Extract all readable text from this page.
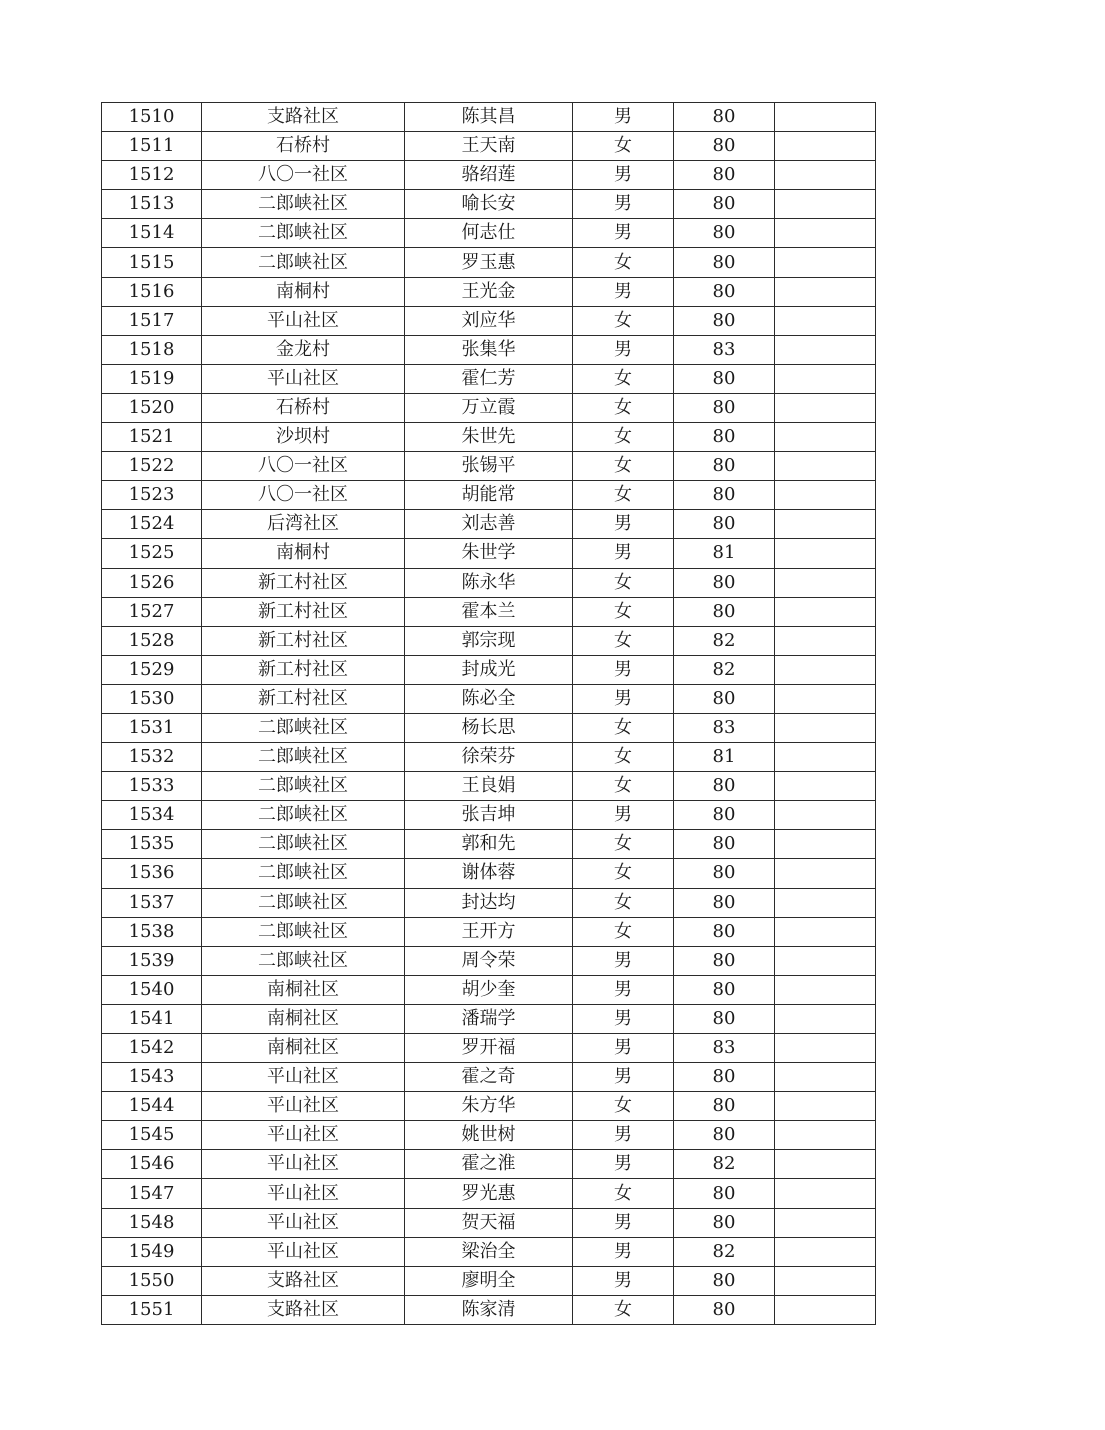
1510	支路社区	陈其昌	男	80	
1511	石桥村	王天南	女	80	
1512	八〇一社区	骆绍莲	男	80	
1513	二郎峡社区	喻长安	男	80	
1514	二郎峡社区	何志仕	男	80	
1515	二郎峡社区	罗玉惠	女	80	
1516	南桐村	王光金	男	80	
1517	平山社区	刘应华	女	80	
1518	金龙村	张集华	男	83	
1519	平山社区	霍仁芳	女	80	
1520	石桥村	万立霞	女	80	
1521	沙坝村	朱世先	女	80	
1522	八〇一社区	张锡平	女	80	
1523	八〇一社区	胡能常	女	80	
1524	后湾社区	刘志善	男	80	
1525	南桐村	朱世学	男	81	
1526	新工村社区	陈永华	女	80	
1527	新工村社区	霍本兰	女	80	
1528	新工村社区	郭宗现	女	82	
1529	新工村社区	封成光	男	82	
1530	新工村社区	陈必全	男	80	
1531	二郎峡社区	杨长思	女	83	
1532	二郎峡社区	徐荣芬	女	81	
1533	二郎峡社区	王良娟	女	80	
1534	二郎峡社区	张吉坤	男	80	
1535	二郎峡社区	郭和先	女	80	
1536	二郎峡社区	谢体蓉	女	80	
1537	二郎峡社区	封达均	女	80	
1538	二郎峡社区	王开方	女	80	
1539	二郎峡社区	周令荣	男	80	
1540	南桐社区	胡少奎	男	80	
1541	南桐社区	潘瑞学	男	80	
1542	南桐社区	罗开福	男	83	
1543	平山社区	霍之奇	男	80	
1544	平山社区	朱方华	女	80	
1545	平山社区	姚世树	男	80	
1546	平山社区	霍之淮	男	82	
1547	平山社区	罗光惠	女	80	
1548	平山社区	贺天福	男	80	
1549	平山社区	梁治全	男	82	
1550	支路社区	廖明全	男	80	
1551	支路社区	陈家清	女	80	
